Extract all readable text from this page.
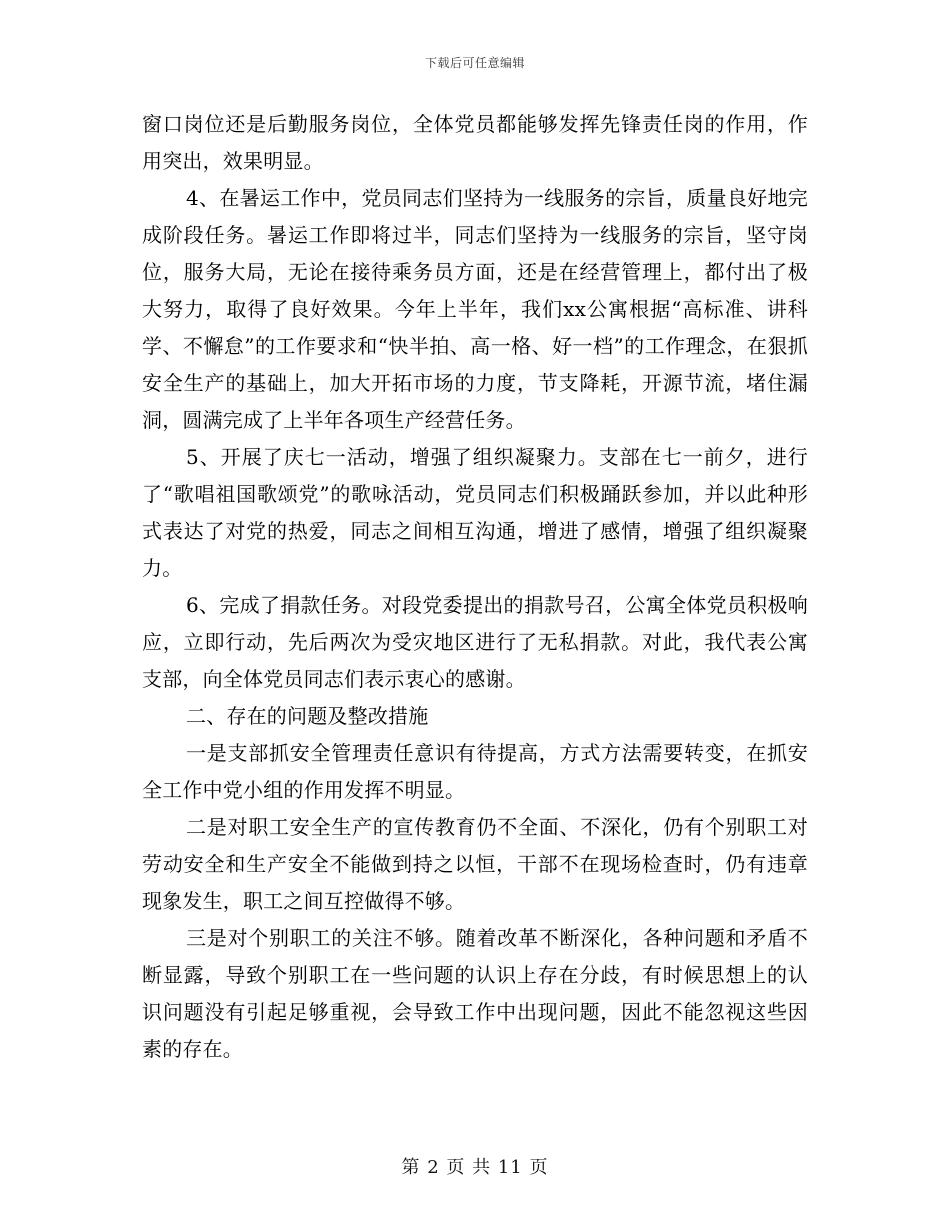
下载后可任意编辑

窗口岗位还是后勤服务岗位，全体党员都能够发挥先锋责任岗的作用，作用突出，效果明显。

4、在暑运工作中，党员同志们坚持为一线服务的宗旨，质量良好地完成阶段任务。暑运工作即将过半，同志们坚持为一线服务的宗旨，坚守岗位，服务大局，无论在接待乘务员方面，还是在经营管理上，都付出了极大努力，取得了良好效果。今年上半年，我们xx公寓根据“高标准、讲科学、不懈怠”的工作要求和“快半拍、高一格、好一档”的工作理念，在狠抓安全生产的基础上，加大开拓市场的力度，节支降耗，开源节流，堵住漏洞，圆满完成了上半年各项生产经营任务。

5、开展了庆七一活动，增强了组织凝聚力。支部在七一前夕，进行了“歌唱祖国歌颂党”的歌咏活动，党员同志们积极踊跃参加，并以此种形式表达了对党的热爱，同志之间相互沟通，增进了感情，增强了组织凝聚力。

6、完成了捐款任务。对段党委提出的捐款号召，公寓全体党员积极响应，立即行动，先后两次为受灾地区进行了无私捐款。对此，我代表公寓支部，向全体党员同志们表示衷心的感谢。

二、存在的问题及整改措施

一是支部抓安全管理责任意识有待提高，方式方法需要转变，在抓安全工作中党小组的作用发挥不明显。

二是对职工安全生产的宣传教育仍不全面、不深化，仍有个别职工对劳动安全和生产安全不能做到持之以恒，干部不在现场检查时，仍有违章现象发生，职工之间互控做得不够。

三是对个别职工的关注不够。随着改革不断深化，各种问题和矛盾不断显露，导致个别职工在一些问题的认识上存在分歧，有时候思想上的认识问题没有引起足够重视，会导致工作中出现问题，因此不能忽视这些因素的存在。

第 2 页 共 11 页
